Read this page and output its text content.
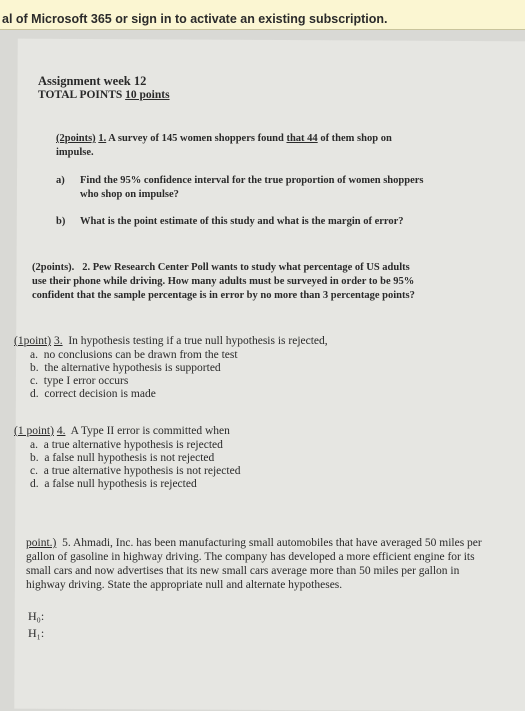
al of Microsoft 365 or sign in to activate an existing subscription.
Assignment week 12
TOTAL POINTS 10 points
(2points) 1. A survey of 145 women shoppers found that 44 of them shop on
impulse.
a) Find the 95% confidence interval for the true proportion of women shoppers
who shop on impulse?
b) What is the point estimate of this study and what is the margin of error?
(2points). 2. Pew Research Center Poll wants to study what percentage of US adults
use their phone while driving. How many adults must be surveyed in order to be 95%
confident that the sample percentage is in error by no more than 3 percentage points?
(1point) 3. In hypothesis testing if a true null hypothesis is rejected,
a. no conclusions can be drawn from the test
b. the alternative hypothesis is supported
c. type I error occurs
d. correct decision is made
(1 point) 4. A Type II error is committed when
a. a true alternative hypothesis is rejected
b. a false null hypothesis is not rejected
c. a true alternative hypothesis is not rejected
d. a false null hypothesis is rejected
point.) 5. Ahmadi, Inc. has been manufacturing small automobiles that have averaged 50 miles per
gallon of gasoline in highway driving. The company has developed a more efficient engine for its
small cars and now advertises that its new small cars average more than 50 miles per gallon in
highway driving. State the appropriate null and alternate hypotheses.
H₀:
H₁:
